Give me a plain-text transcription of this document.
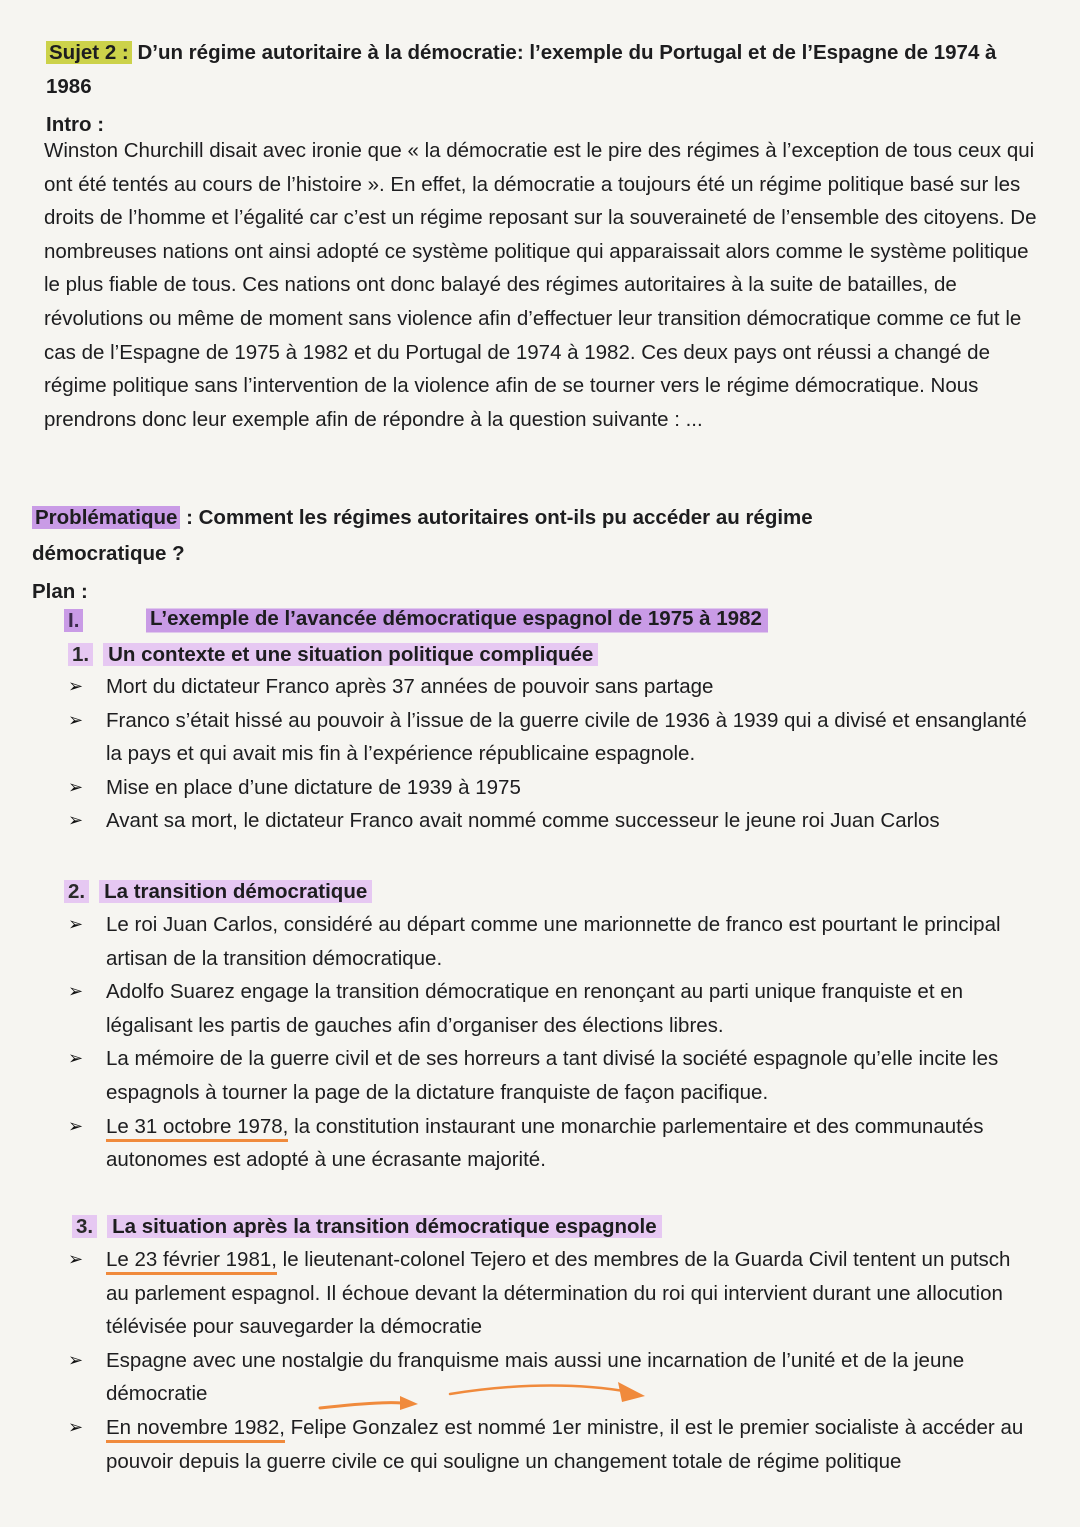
Sujet 2 : D’un régime autoritaire à la démocratie: l’exemple du Portugal et de l’Espagne de 1974 à 1986
Intro :
Winston Churchill disait avec ironie que « la démocratie est le pire des régimes à l’exception de tous ceux qui ont été tentés au cours de l’histoire ». En effet, la démocratie a toujours été un régime politique basé sur les droits de l’homme et l’égalité car c’est un régime reposant sur la souveraineté de l’ensemble des citoyens. De nombreuses nations ont ainsi adopté ce système politique qui apparaissait alors comme le système politique le plus fiable de tous. Ces nations ont donc balayé des régimes autoritaires à la suite de batailles, de révolutions ou même de moment sans violence afin d’effectuer leur transition démocratique comme ce fut le cas de l’Espagne de 1975 à 1982 et du Portugal de 1974 à 1982. Ces deux pays ont réussi a changé de régime politique sans l’intervention de la violence afin de se tourner vers le régime démocratique. Nous prendrons donc leur exemple afin de répondre à la question suivante : ...
Problématique : Comment les régimes autoritaires ont-ils pu accéder au régime démocratique ?
Plan :
I.	L’exemple de l’avancée démocratique espagnol de 1975 à 1982
1. Un contexte et une situation politique compliquée
➢ Mort du dictateur Franco après 37 années de pouvoir sans partage
➢ Franco s’était hissé au pouvoir à l’issue de la guerre civile de 1936 à 1939 qui a divisé et ensanglanté la pays et qui avait mis fin à l’expérience républicaine espagnole.
➢ Mise en place d’une dictature de 1939 à 1975
➢ Avant sa mort, le dictateur Franco avait nommé comme successeur le jeune roi Juan Carlos
2. La transition démocratique
➢ Le roi Juan Carlos, considéré au départ comme une marionnette de franco est pourtant le principal artisan de la transition démocratique.
➢ Adolfo Suarez engage la transition démocratique en renonçant au parti unique franquiste et en légalisant les partis de gauches afin d’organiser des élections libres.
➢ La mémoire de la guerre civil et de ses horreurs a tant divisé la société espagnole qu’elle incite les espagnols à tourner la page de la dictature franquiste de façon pacifique.
➢ Le 31 octobre 1978, la constitution instaurant une monarchie parlementaire et des communautés autonomes est adopté à une écrasante majorité.
3. La situation après la transition démocratique espagnole
➢ Le 23 février 1981, le lieutenant-colonel Tejero et des membres de la Guarda Civil tentent un putsch au parlement espagnol. Il échoue devant la détermination du roi qui intervient durant une allocution télévisée pour sauvegarder la démocratie
➢ Espagne avec une nostalgie du franquisme mais aussi une incarnation de l’unité et de la jeune démocratie
➢ En novembre 1982, Felipe Gonzalez est nommé 1er ministre, il est le premier socialiste à accéder au pouvoir depuis la guerre civile ce qui souligne un changement totale de régime politique
